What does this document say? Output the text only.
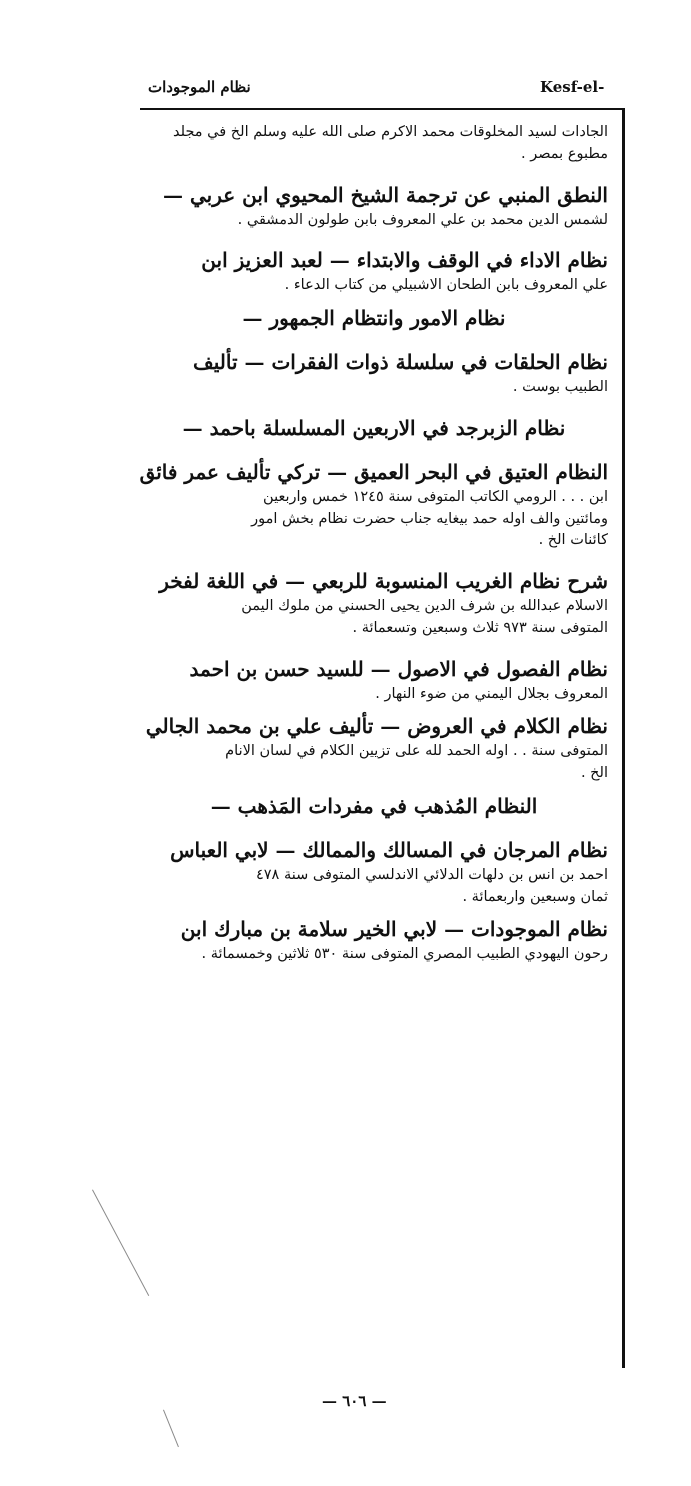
نظام الموجودات	Kesf-el-
الجادات لسيد المخلوقات محمد الاكرم صلى الله عليه وسلم الخ في مجلد
مطبوع بمصر .
النطق المنبي عن ترجمة الشيخ المحيوي ابن عربي —
لشمس الدين محمد بن علي المعروف بابن طولون الدمشقي .
نظام الاداء في الوقف والابتداء — لعبد العزيز ابن
علي المعروف بابن الطحان الاشبيلي من كتاب الدعاء .
نظام الامور وانتظام الجمهور —
نظام الحلقات في سلسلة ذوات الفقرات — تأليف
الطبيب بوست .
نظام الزبرجد في الاربعين المسلسلة باحمد —
النظام العتيق في البحر العميق — تركي تأليف عمر فائق
ابن . . . الرومي الكاتب المتوفى سنة ١٢٤٥ خمس واربعين
ومائتين والف اوله حمد بيغايه جناب حضرت نظام بخش امور
كائنات الخ .
شرح نظام الغريب المنسوبة للربعي — في اللغة لفخر
الاسلام عبدالله بن شرف الدين يحيى الحسني من ملوك اليمن
المتوفى سنة ٩٧٣ ثلاث وسبعين وتسعمائة .
نظام الفصول في الاصول — للسيد حسن بن احمد
المعروف بجلال اليمني من ضوء النهار .
نظام الكلام في العروض — تأليف علي بن محمد الجالي
المتوفى سنة . . اوله الحمد لله على تزيين الكلام في لسان الانام
الخ .
النظام المُذهب في مفردات المَذهب —
نظام المرجان في المسالك والممالك — لابي العباس
احمد بن انس بن دلهات الدلائي الاندلسي المتوفى سنة ٤٧٨
ثمان وسبعين واربعمائة .
نظام الموجودات — لابي الخير سلامة بن مبارك ابن
رحون اليهودي الطبيب المصري المتوفى سنة ٥٣٠ ثلاثين وخمسمائة .
— ٦٠٦ —
